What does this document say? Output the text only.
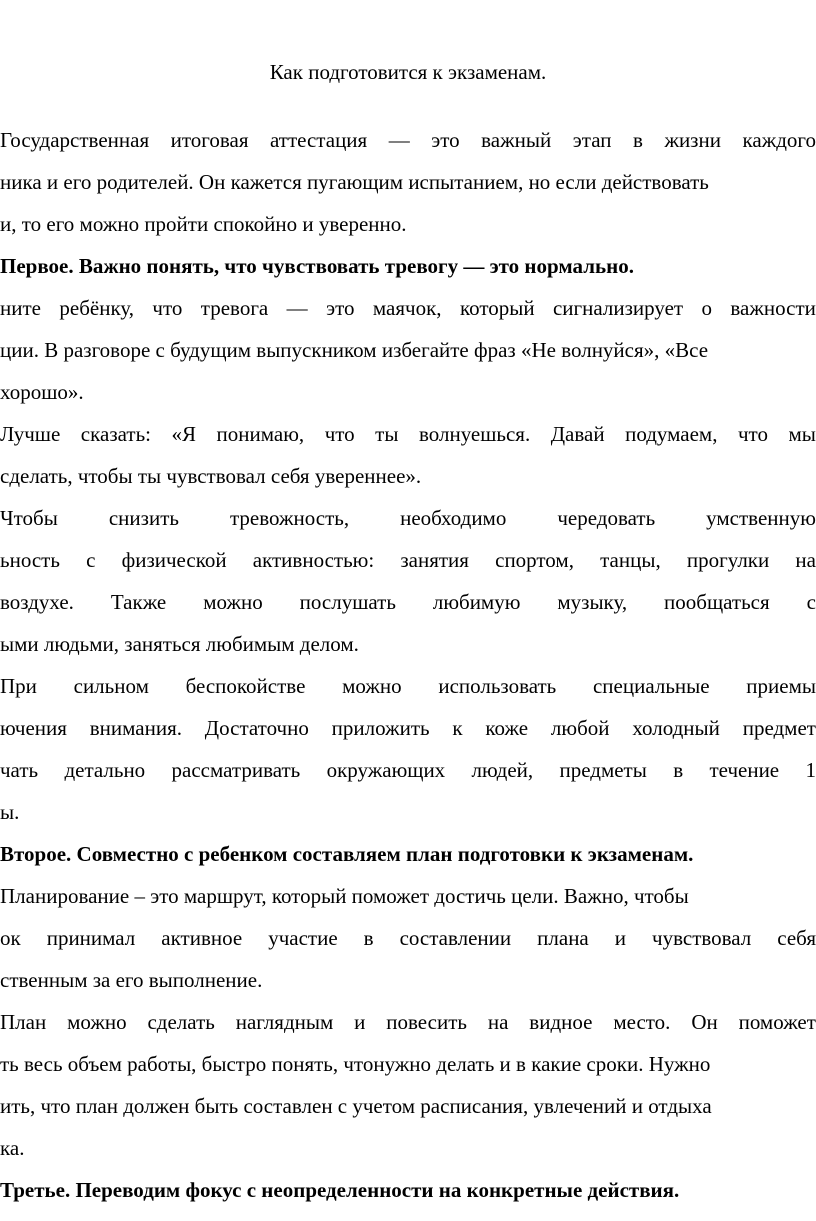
Как подготовится к экзаменам.
Государственная итоговая аттестация — это важный этап в жизни каждого
ника и его родителей. Он кажется пугающим испытанием, но если действовать
и, то его можно пройти спокойно и уверенно.
Первое. Важно понять, что чувствовать тревогу — это нормально.
ните ребёнку, что тревога — это маячок, который сигнализирует о важности
ции. В разговоре с будущим выпускником избегайте фраз «Не волнуйся», «Все
хорошо».
Лучше сказать: «Я понимаю, что ты волнуешься. Давай подумаем, что мы
сделать, чтобы ты чувствовал себя увереннее».
Чтобы снизить тревожность, необходимо чередовать умственную
ьность с физической активностью: занятия спортом, танцы, прогулки на
воздухе. Также можно послушать любимую музыку, пообщаться с
ыми людьми, заняться любимым делом.
При сильном беспокойстве можно использовать специальные приемы
ючения внимания. Достаточно приложить к коже любой холодный предмет
чать детально рассматривать окружающих людей, предметы в течение 1
ы.
Второе. Совместно с ребенком составляем план подготовки к экзаменам.
Планирование – это маршрут, который поможет достичь цели. Важно, чтобы
ок принимал активное участие в составлении плана и чувствовал себя
ственным за его выполнение.
План можно сделать наглядным и повесить на видное место. Он поможет
ть весь объем работы, быстро понять, чтонужно делать и в какие сроки. Нужно
ить, что план должен быть составлен с учетом расписания, увлечений и отдыха
ка.
Третье. Переводим фокус с неопределенности на конкретные действия.
